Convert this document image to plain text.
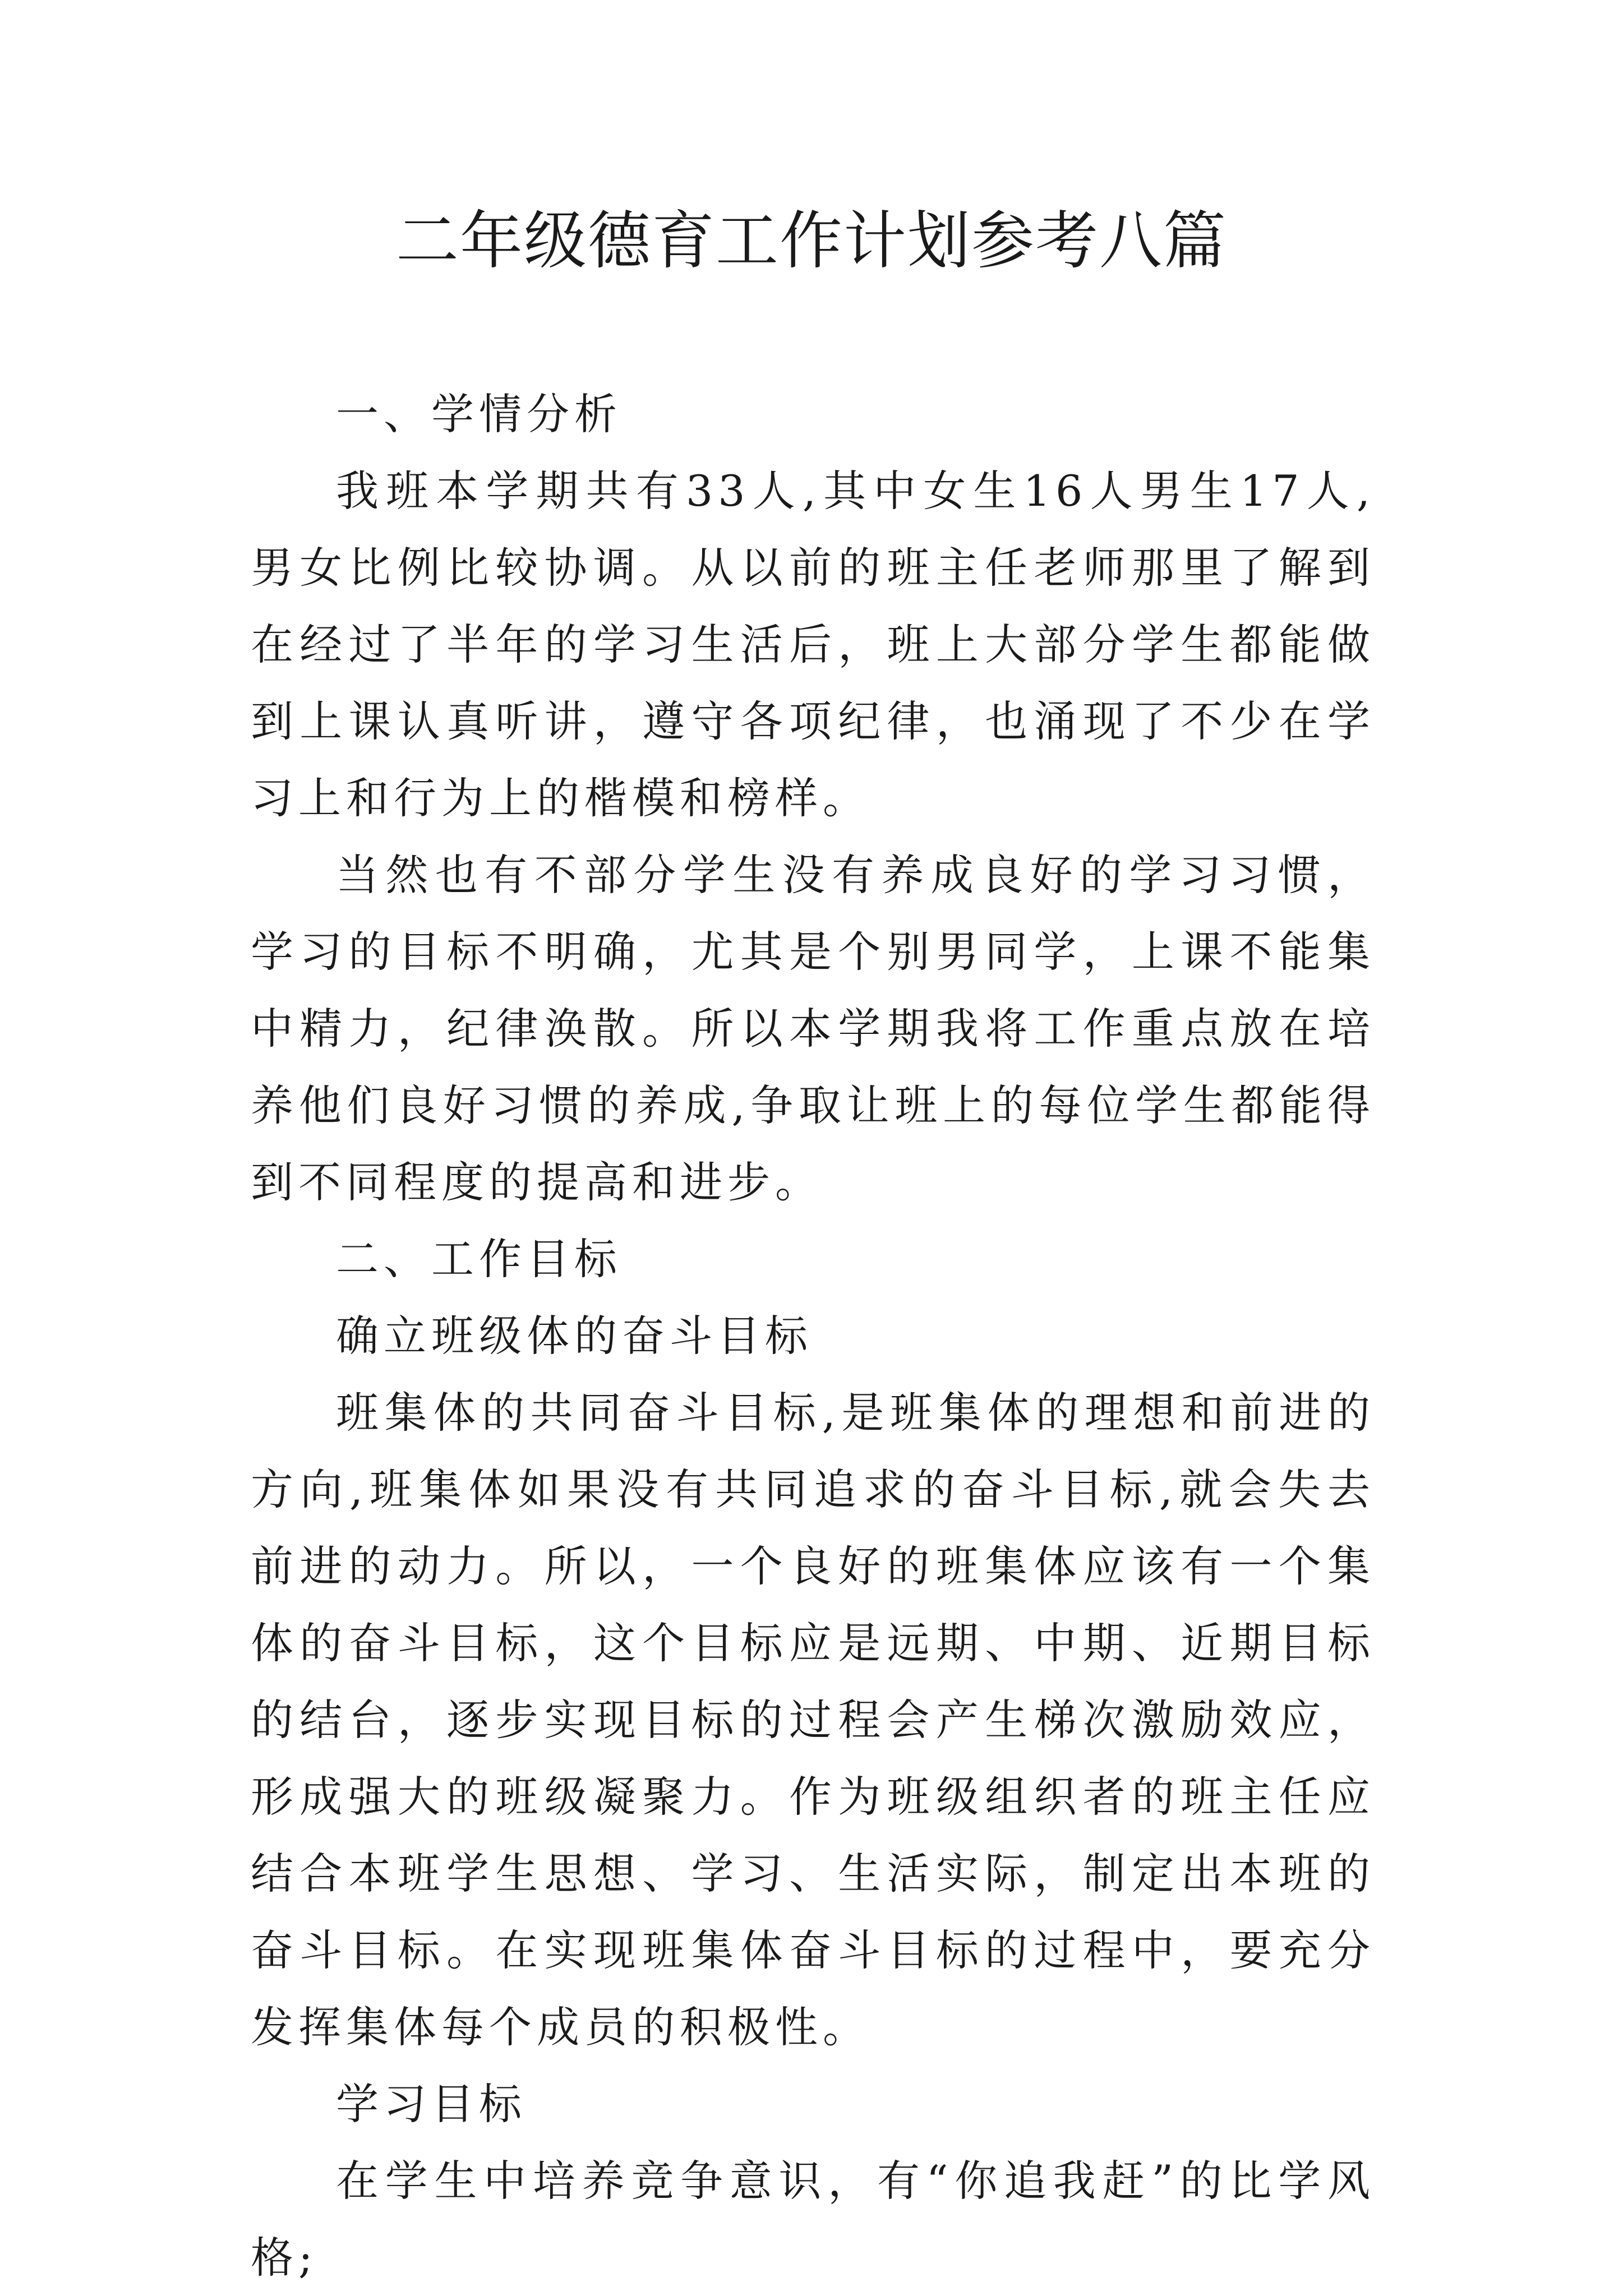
二年级德育工作计划参考八篇

一、学情分析

我班本学期共有33人,其中女生16人男生17人,男女比例比较协调。从以前的班主任老师那里了解到在经过了半年的学习生活后，班上大部分学生都能做到上课认真听讲，遵守各项纪律，也涌现了不少在学习上和行为上的楷模和榜样。

当然也有不部分学生没有养成良好的学习习惯，学习的目标不明确，尤其是个别男同学，上课不能集中精力，纪律涣散。所以本学期我将工作重点放在培养他们良好习惯的养成,争取让班上的每位学生都能得到不同程度的提高和进步。

二、工作目标

确立班级体的奋斗目标

班集体的共同奋斗目标,是班集体的理想和前进的方向,班集体如果没有共同追求的奋斗目标,就会失去前进的动力。所以，一个良好的班集体应该有一个集体的奋斗目标，这个目标应是远期、中期、近期目标的结台，逐步实现目标的过程会产生梯次激励效应，形成强大的班级凝聚力。作为班级组织者的班主任应结合本班学生思想、学习、生活实际，制定出本班的奋斗目标。在实现班集体奋斗目标的过程中，要充分发挥集体每个成员的积极性。

学习目标

在学生中培养竞争意识，有“你追我赶”的比学风格;
